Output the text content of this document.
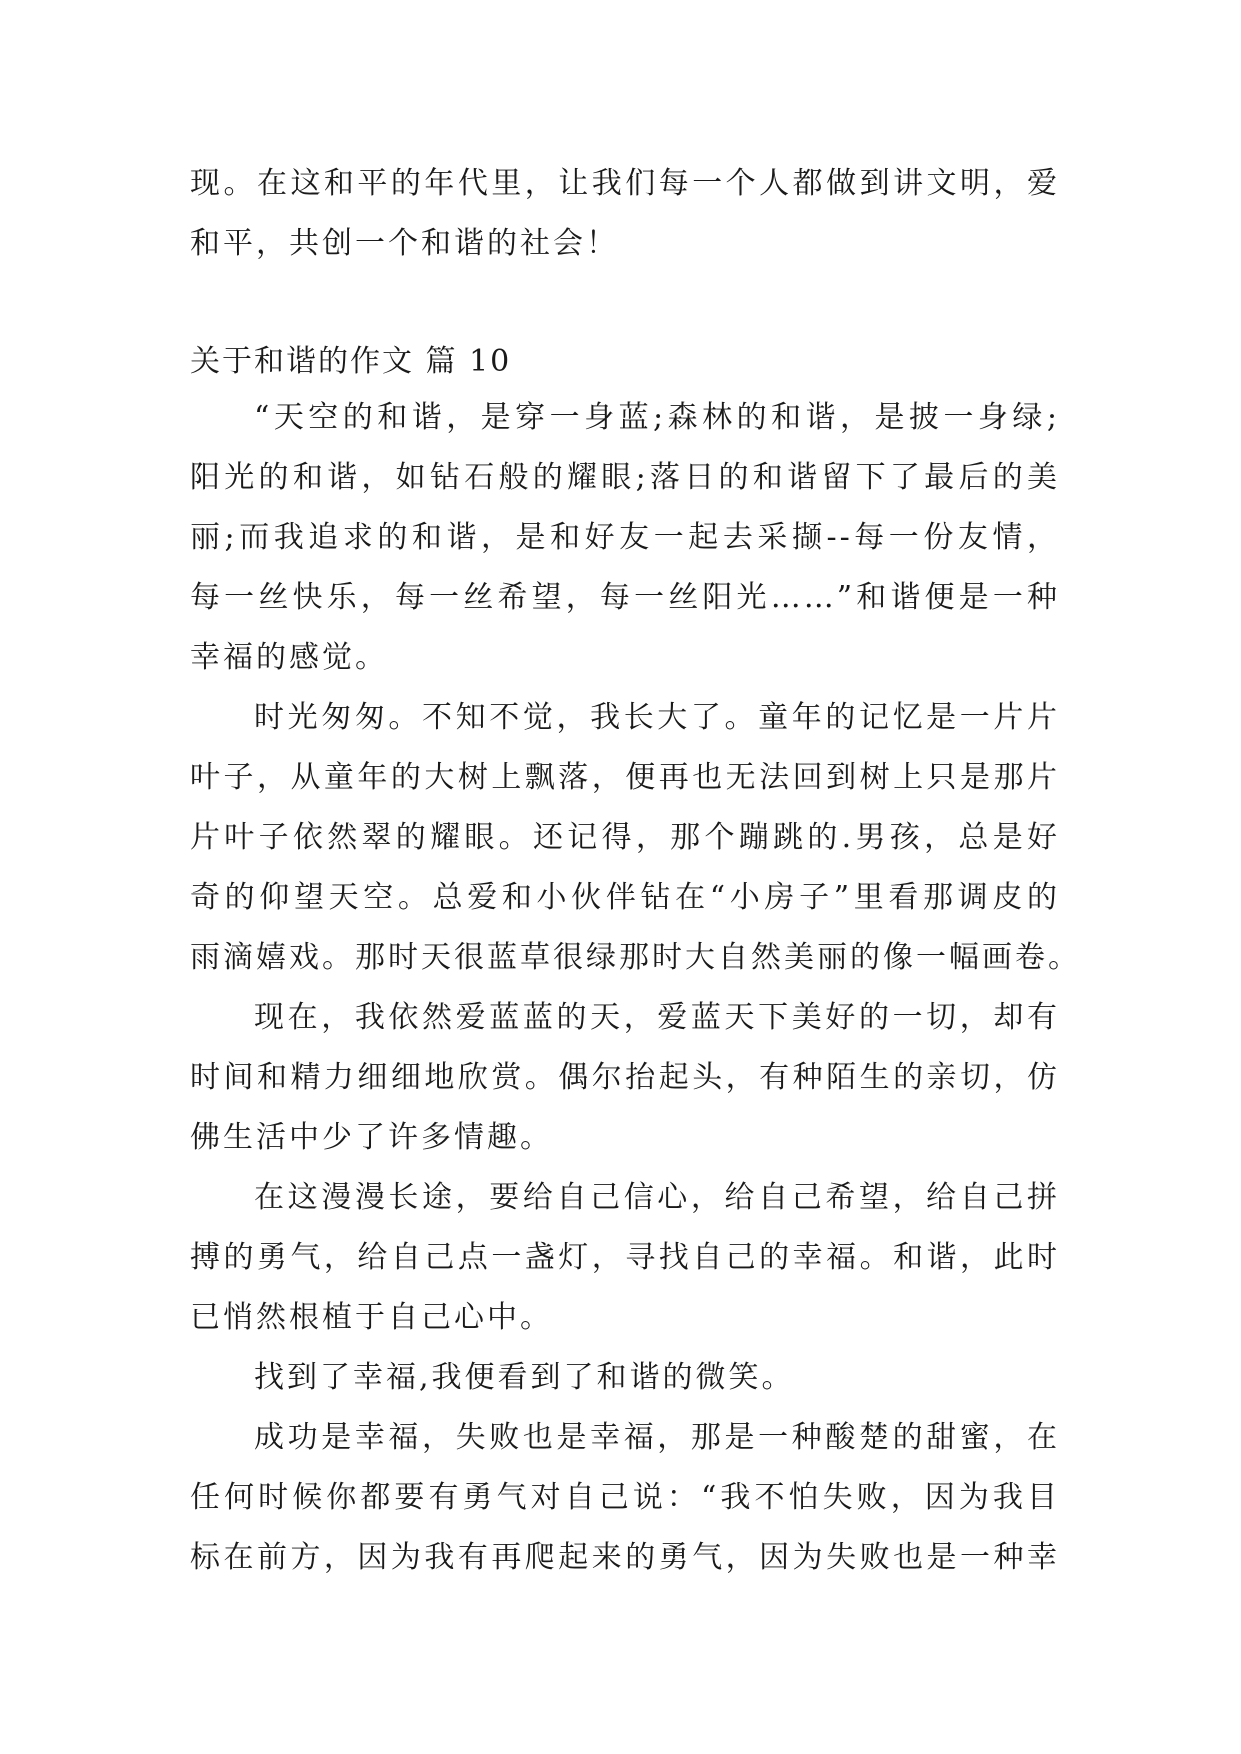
现。在这和平的年代里，让我们每一个人都做到讲文明，爱

和平，共创一个和谐的社会！

关于和谐的作文 篇 10

“天空的和谐，是穿一身蓝;森林的和谐，是披一身绿;

阳光的和谐，如钻石般的耀眼;落日的和谐留下了最后的美

丽;而我追求的和谐，是和好友一起去采撷--每一份友情，

每一丝快乐，每一丝希望，每一丝阳光……”和谐便是一种

幸福的感觉。

时光匆匆。不知不觉，我长大了。童年的记忆是一片片

叶子，从童年的大树上飘落，便再也无法回到树上只是那片

片叶子依然翠的耀眼。还记得，那个蹦跳的.男孩，总是好

奇的仰望天空。总爱和小伙伴钻在“小房子”里看那调皮的

雨滴嬉戏。那时天很蓝草很绿那时大自然美丽的像一幅画卷。

现在，我依然爱蓝蓝的天，爱蓝天下美好的一切，却有

时间和精力细细地欣赏。偶尔抬起头，有种陌生的亲切，仿

佛生活中少了许多情趣。

在这漫漫长途，要给自己信心，给自己希望，给自己拼

搏的勇气，给自己点一盏灯，寻找自己的幸福。和谐，此时

已悄然根植于自己心中。

找到了幸福,我便看到了和谐的微笑。

成功是幸福，失败也是幸福，那是一种酸楚的甜蜜，在

任何时候你都要有勇气对自己说：“我不怕失败，因为我目

标在前方，因为我有再爬起来的勇气，因为失败也是一种幸
